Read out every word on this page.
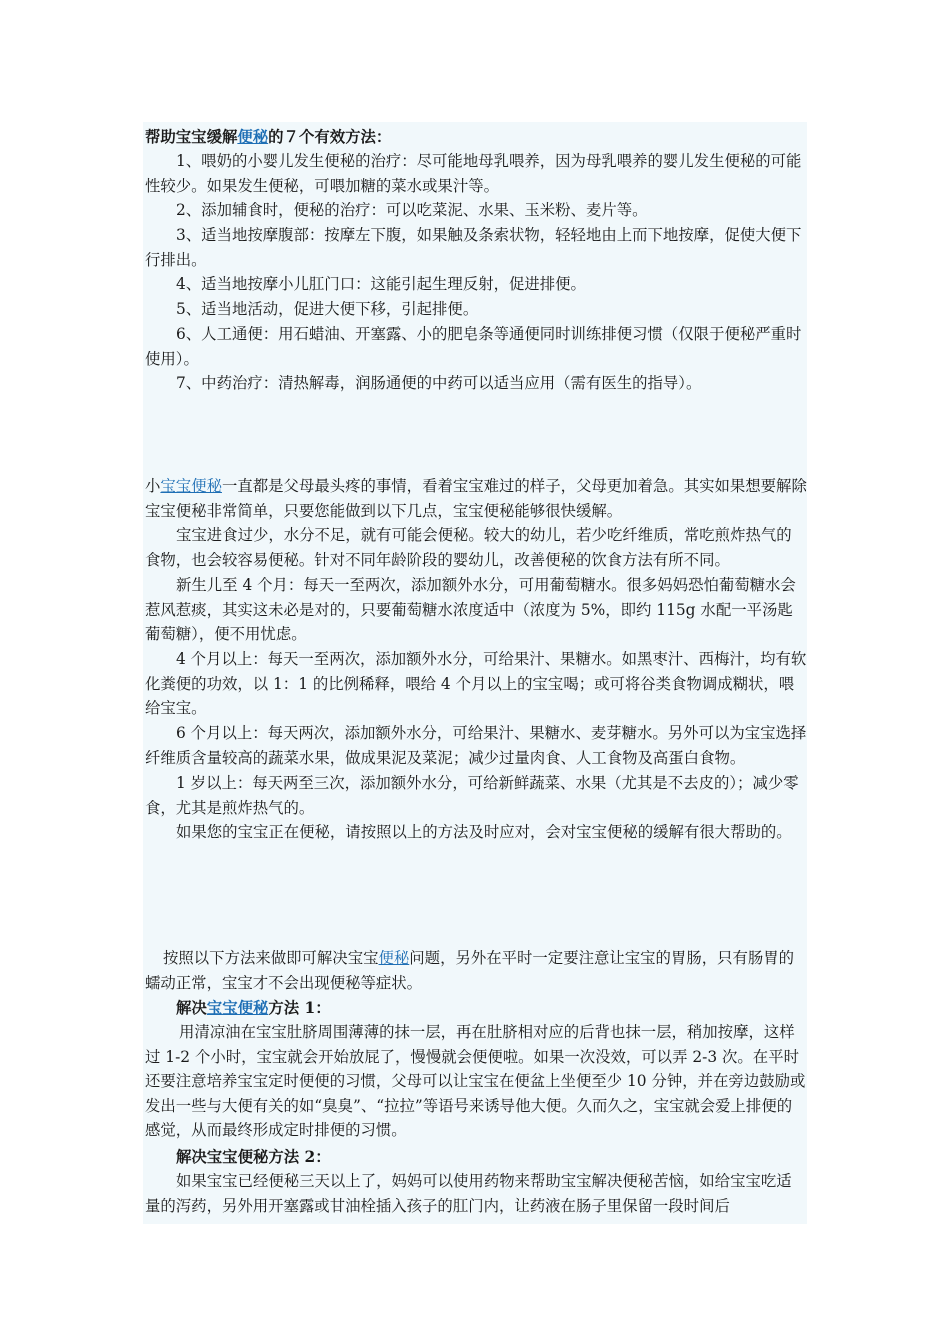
帮助宝宝缓解便秘的７个有效方法：

1、喂奶的小婴儿发生便秘的治疗：尽可能地母乳喂养，因为母乳喂养的婴儿发生便秘的可能性较少。如果发生便秘，可喂加糖的菜水或果汁等。

2、添加辅食时，便秘的治疗：可以吃菜泥、水果、玉米粉、麦片等。

3、适当地按摩腹部：按摩左下腹，如果触及条索状物，轻轻地由上而下地按摩，促使大便下行排出。

4、适当地按摩小儿肛门口：这能引起生理反射，促进排便。

5、适当地活动，促进大便下移，引起排便。

6、人工通便：用石蜡油、开塞露、小的肥皂条等通便同时训练排便习惯（仅限于便秘严重时使用）。

7、中药治疗：清热解毒，润肠通便的中药可以适当应用（需有医生的指导）。

小宝宝便秘一直都是父母最头疼的事情，看着宝宝难过的样子，父母更加着急。其实如果想要解除宝宝便秘非常简单，只要您能做到以下几点，宝宝便秘能够很快缓解。

宝宝进食过少，水分不足，就有可能会便秘。较大的幼儿，若少吃纤维质，常吃煎炸热气的食物，也会较容易便秘。针对不同年龄阶段的婴幼儿，改善便秘的饮食方法有所不同。

新生儿至 4 个月：每天一至两次，添加额外水分，可用葡萄糖水。很多妈妈恐怕葡萄糖水会惹风惹痰，其实这未必是对的，只要葡萄糖水浓度适中（浓度为 5%，即约 115g 水配一平汤匙葡萄糖），便不用忧虑。

4 个月以上：每天一至两次，添加额外水分，可给果汁、果糖水。如黑枣汁、西梅汁，均有软化粪便的功效，以 1：1 的比例稀释，喂给 4 个月以上的宝宝喝；或可将谷类食物调成糊状，喂给宝宝。

6 个月以上：每天两次，添加额外水分，可给果汁、果糖水、麦芽糖水。另外可以为宝宝选择纤维质含量较高的蔬菜水果，做成果泥及菜泥；减少过量肉食、人工食物及高蛋白食物。

1 岁以上：每天两至三次，添加额外水分，可给新鲜蔬菜、水果（尤其是不去皮的）；减少零食，尤其是煎炸热气的。

如果您的宝宝正在便秘，请按照以上的方法及时应对，会对宝宝便秘的缓解有很大帮助的。

按照以下方法来做即可解决宝宝便秘问题，另外在平时一定要注意让宝宝的胃肠，只有肠胃的蠕动正常，宝宝才不会出现便秘等症状。

解决宝宝便秘方法 1：

用清凉油在宝宝肚脐周围薄薄的抹一层，再在肚脐相对应的后背也抹一层，稍加按摩，这样过 1-2 个小时，宝宝就会开始放屁了，慢慢就会便便啦。如果一次没效，可以弄 2-3 次。在平时还要注意培养宝宝定时便便的习惯，父母可以让宝宝在便盆上坐便至少 10 分钟，并在旁边鼓励或发出一些与大便有关的如“臭臭”、“拉拉”等语号来诱导他大便。久而久之，宝宝就会爱上排便的感觉，从而最终形成定时排便的习惯。

解决宝宝便秘方法 2：

如果宝宝已经便秘三天以上了，妈妈可以使用药物来帮助宝宝解决便秘苦恼，如给宝宝吃适量的泻药，另外用开塞露或甘油栓插入孩子的肛门内，让药液在肠子里保留一段时间后
